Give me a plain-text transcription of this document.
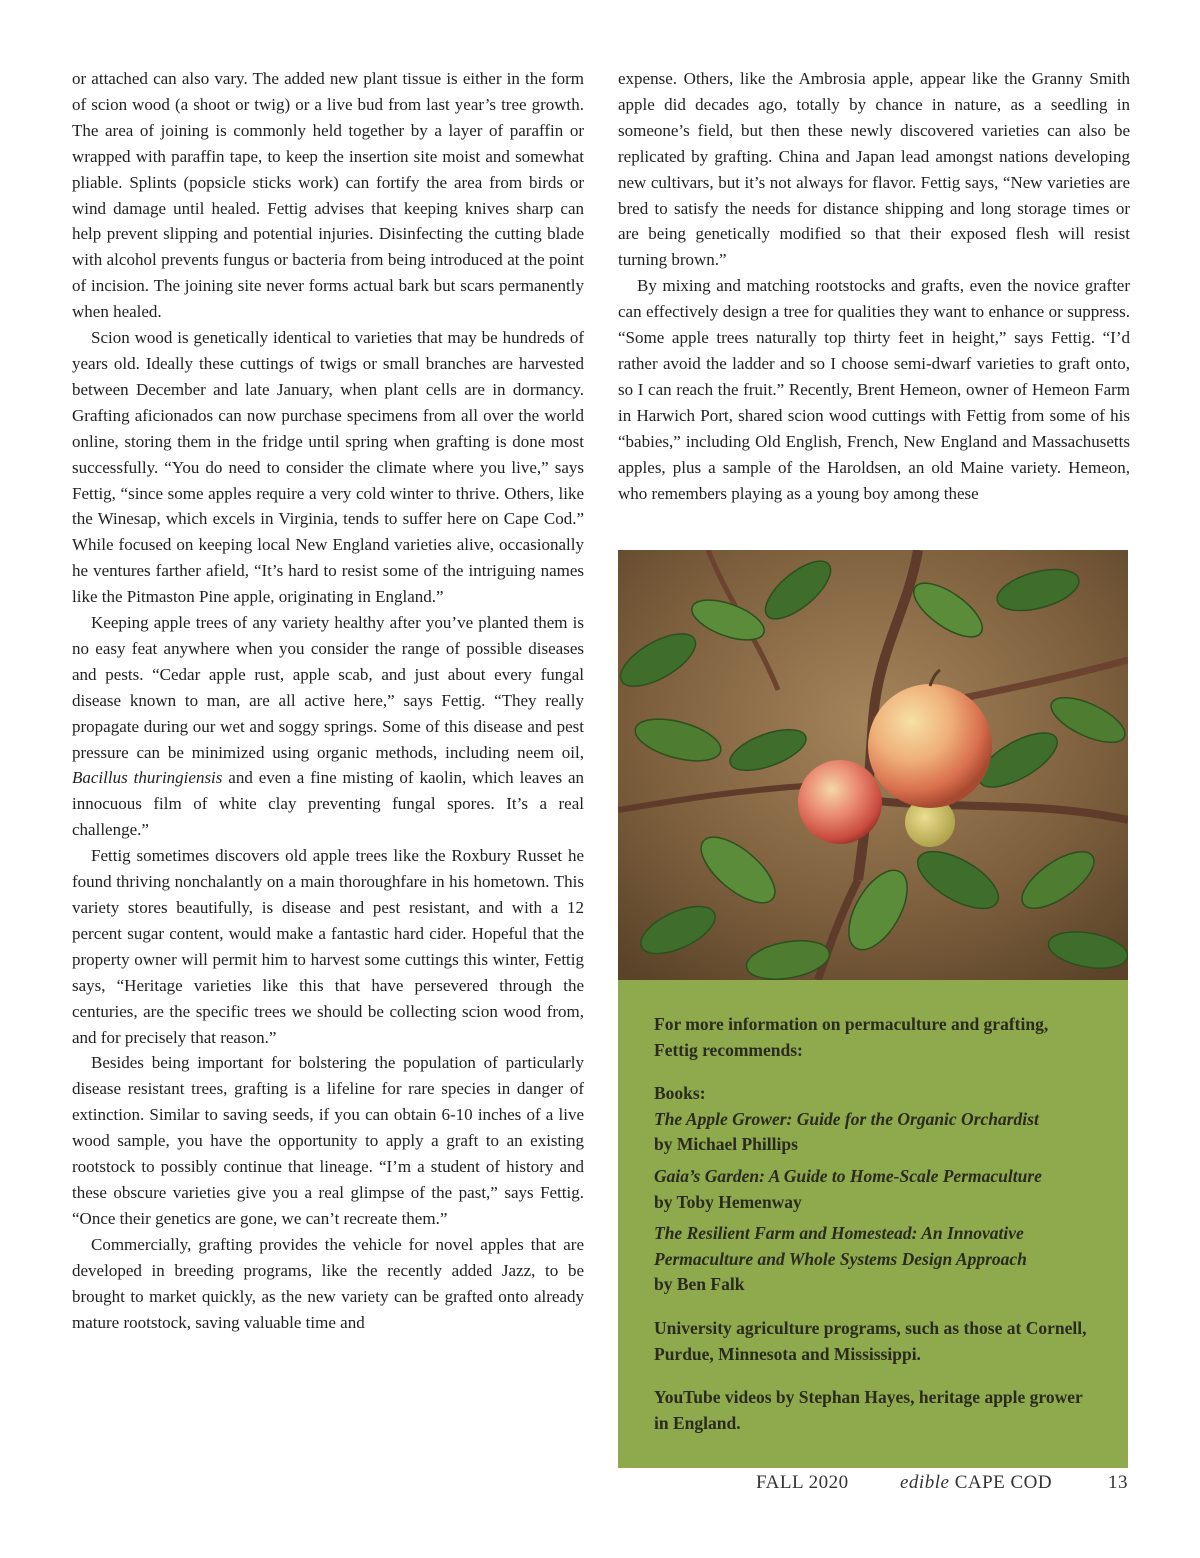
or attached can also vary. The added new plant tissue is either in the form of scion wood (a shoot or twig) or a live bud from last year’s tree growth. The area of joining is commonly held together by a layer of paraffin or wrapped with paraffin tape, to keep the insertion site moist and somewhat pliable. Splints (popsicle sticks work) can fortify the area from birds or wind damage until healed. Fettig advises that keeping knives sharp can help prevent slipping and potential injuries. Disinfecting the cutting blade with alcohol prevents fungus or bacteria from being introduced at the point of incision. The joining site never forms actual bark but scars permanently when healed.

Scion wood is genetically identical to varieties that may be hundreds of years old. Ideally these cuttings of twigs or small branches are harvested between December and late January, when plant cells are in dormancy. Grafting aficionados can now purchase specimens from all over the world online, storing them in the fridge until spring when grafting is done most successfully. “You do need to consider the climate where you live,” says Fettig, “since some apples require a very cold winter to thrive. Others, like the Winesap, which excels in Virginia, tends to suffer here on Cape Cod.” While focused on keeping local New England varieties alive, occasionally he ventures farther afield, “It’s hard to resist some of the intriguing names like the Pitmaston Pine apple, originating in England.”

Keeping apple trees of any variety healthy after you’ve planted them is no easy feat anywhere when you consider the range of possible diseases and pests. “Cedar apple rust, apple scab, and just about every fungal disease known to man, are all active here,” says Fettig. “They really propagate during our wet and soggy springs. Some of this disease and pest pressure can be minimized using organic methods, including neem oil, Bacillus thuringiensis and even a fine misting of kaolin, which leaves an innocuous film of white clay preventing fungal spores. It’s a real challenge.”

Fettig sometimes discovers old apple trees like the Roxbury Russet he found thriving nonchalantly on a main thoroughfare in his hometown. This variety stores beautifully, is disease and pest resistant, and with a 12 percent sugar content, would make a fantastic hard cider. Hopeful that the property owner will permit him to harvest some cuttings this winter, Fettig says, “Heritage varieties like this that have persevered through the centuries, are the specific trees we should be collecting scion wood from, and for precisely that reason.”

Besides being important for bolstering the population of particularly disease resistant trees, grafting is a lifeline for rare species in danger of extinction. Similar to saving seeds, if you can obtain 6-10 inches of a live wood sample, you have the opportunity to apply a graft to an existing rootstock to possibly continue that lineage. “I’m a student of history and these obscure varieties give you a real glimpse of the past,” says Fettig. “Once their genetics are gone, we can’t recreate them.”

Commercially, grafting provides the vehicle for novel apples that are developed in breeding programs, like the recently added Jazz, to be brought to market quickly, as the new variety can be grafted onto already mature rootstock, saving valuable time and

expense. Others, like the Ambrosia apple, appear like the Granny Smith apple did decades ago, totally by chance in nature, as a seedling in someone’s field, but then these newly discovered varieties can also be replicated by grafting. China and Japan lead amongst nations developing new cultivars, but it’s not always for flavor. Fettig says, “New varieties are bred to satisfy the needs for distance shipping and long storage times or are being genetically modified so that their exposed flesh will resist turning brown.”

By mixing and matching rootstocks and grafts, even the novice grafter can effectively design a tree for qualities they want to enhance or suppress. “Some apple trees naturally top thirty feet in height,” says Fettig. “I’d rather avoid the ladder and so I choose semi-dwarf varieties to graft onto, so I can reach the fruit.” Recently, Brent Hemeon, owner of Hemeon Farm in Harwich Port, shared scion wood cuttings with Fettig from some of his “babies,” including Old English, French, New England and Massachusetts apples, plus a sample of the Haroldsen, an old Maine variety. Hemeon, who remembers playing as a young boy among these

For more information on permaculture and grafting, Fettig recommends:

Books:

The Apple Grower: Guide for the Organic Orchardist
by Michael Phillips

Gaia’s Garden: A Guide to Home-Scale Permaculture
by Toby Hemenway

The Resilient Farm and Homestead: An Innovative Permaculture and Whole Systems Design Approach
by Ben Falk

University agriculture programs, such as those at Cornell, Purdue, Minnesota and Mississippi.

YouTube videos by Stephan Hayes, heritage apple grower in England.

FALL 2020	edible CAPE COD	13
